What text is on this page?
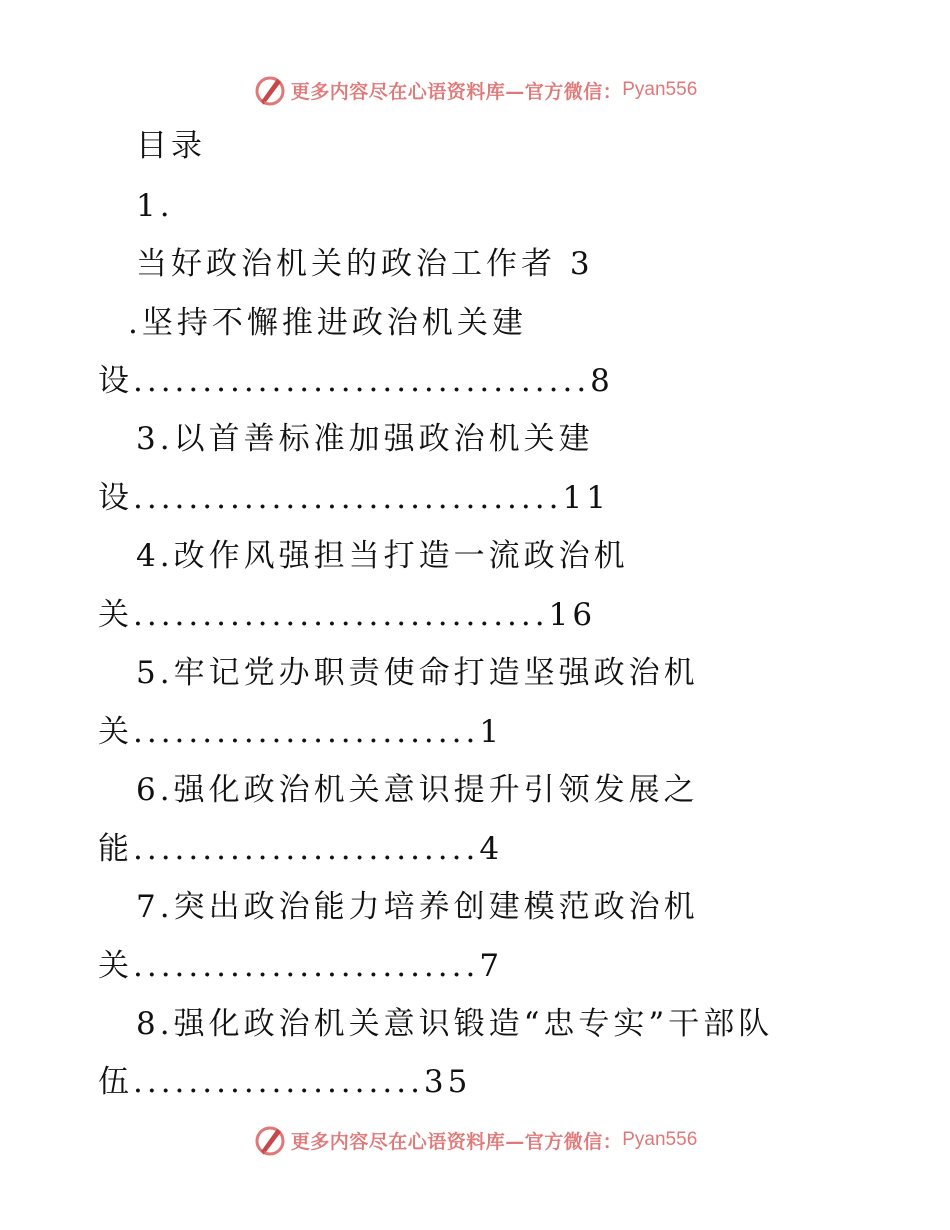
更多内容尽在心语资料库—官方微信： Pyan556
目录
1.
当好政治机关的政治工作者 3
.坚持不懈推进政治机关建
设.................................8
3.以首善标准加强政治机关建
设...............................11
4.改作风强担当打造一流政治机
关..............................16
5.牢记党办职责使命打造坚强政治机
关.........................1
6.强化政治机关意识提升引领发展之
能.........................4
7.突出政治能力培养创建模范政治机
关.........................7
8.强化政治机关意识锻造“忠专实”干部队
伍.....................35
更多内容尽在心语资料库—官方微信： Pyan556
